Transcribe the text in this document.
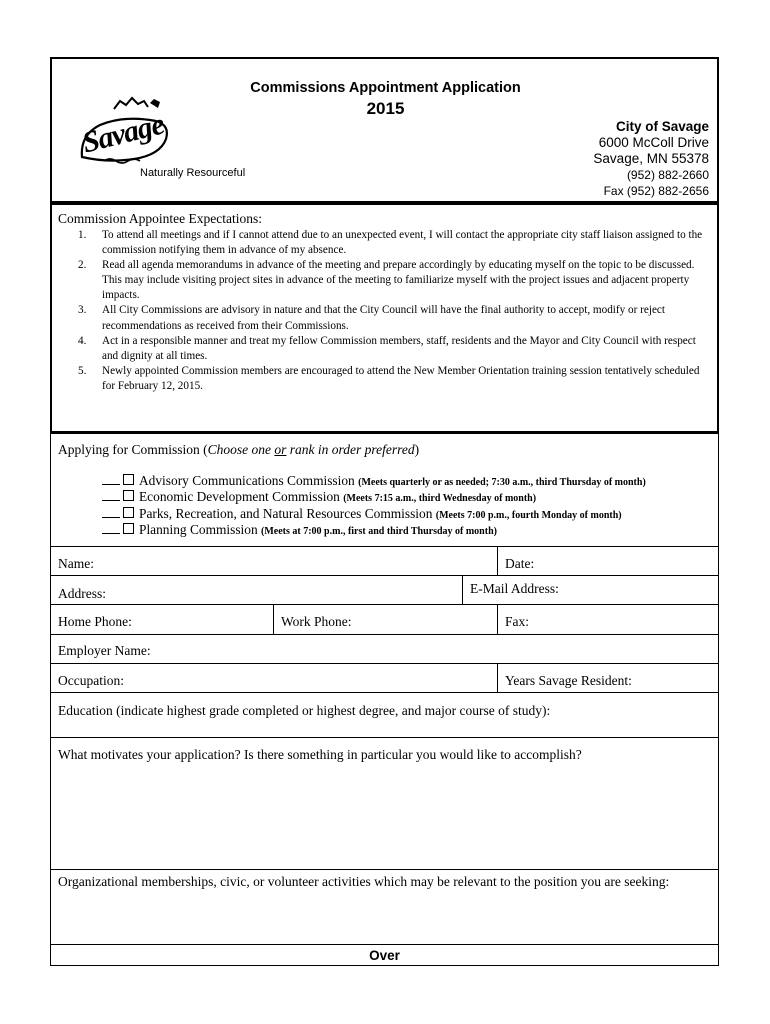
Savage
Naturally Resourceful
Commissions Appointment Application
2015
City of Savage
6000 McColl Drive
Savage, MN 55378
(952) 882-2660
Fax (952) 882-2656
Commission Appointee Expectations:
1. To attend all meetings and if I cannot attend due to an unexpected event, I will contact the appropriate city staff liaison assigned to the commission notifying them in advance of my absence.
2. Read all agenda memorandums in advance of the meeting and prepare accordingly by educating myself on the topic to be discussed. This may include visiting project sites in advance of the meeting to familiarize myself with the project issues and adjacent property impacts.
3. All City Commissions are advisory in nature and that the City Council will have the final authority to accept, modify or reject recommendations as received from their Commissions.
4. Act in a responsible manner and treat my fellow Commission members, staff, residents and the Mayor and City Council with respect and dignity at all times.
5. Newly appointed Commission members are encouraged to attend the New Member Orientation training session tentatively scheduled for February 12, 2015.
Applying for Commission (Choose one or rank in order preferred)
Advisory Communications Commission (Meets quarterly or as needed; 7:30 a.m., third Thursday of month)
Economic Development Commission (Meets 7:15 a.m., third Wednesday of month)
Parks, Recreation, and Natural Resources Commission (Meets 7:00 p.m., fourth Monday of month)
Planning Commission (Meets at 7:00 p.m., first and third Thursday of month)
Name:	Date:
Address:	E-Mail Address:
Home Phone:	Work Phone:	Fax:
Employer Name:
Occupation:	Years Savage Resident:
Education (indicate highest grade completed or highest degree, and major course of study):
What motivates your application? Is there something in particular you would like to accomplish?
Organizational memberships, civic, or volunteer activities which may be relevant to the position you are seeking:
Over
